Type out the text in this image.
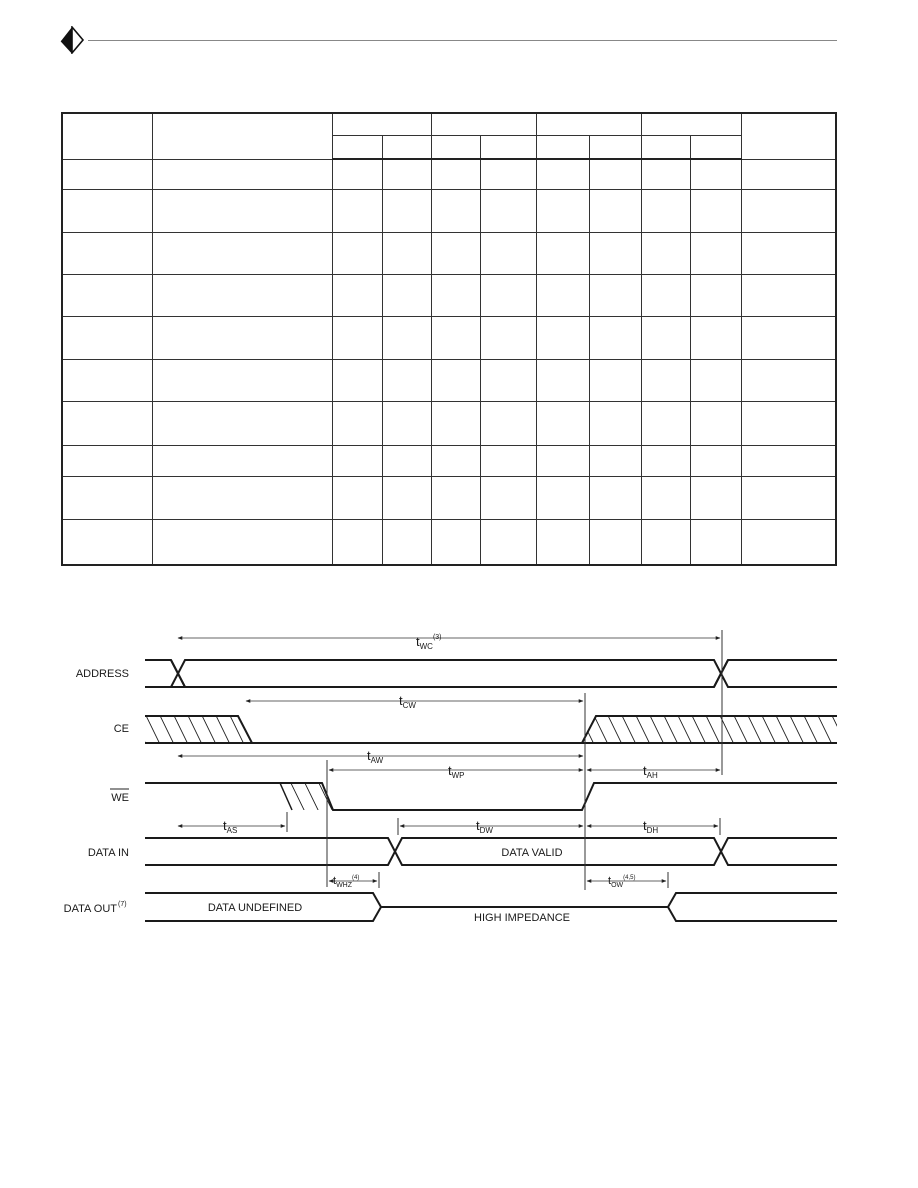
ADDRESS
CE
WE
DATA IN
DATA OUT (7)
DATA VALID
DATA UNDEFINED
HIGH IMPEDANCE
$t_{WC}^{(3)}$
$t_{CW}$
$t_{AW}$
$t_{WP}$	$t_{AH}$
$t_{AS}$	$t_{DW}$	$t_{DH}$
$t_{WHZ}^{(4)}$	$t_{OW}^{(4,5)}$
